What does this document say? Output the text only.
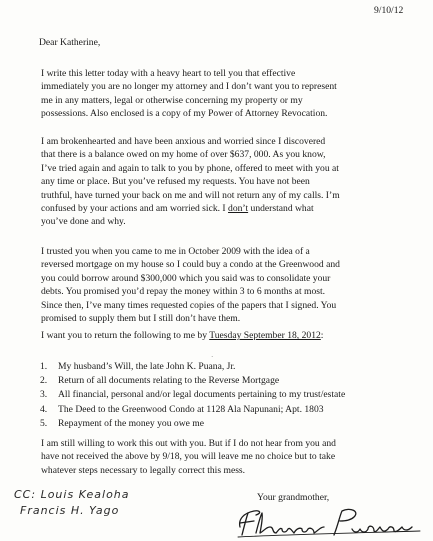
9/10/12
Dear Katherine,
I write this letter today with a heavy heart to tell you that effective
immediately you are no longer my attorney and I don’t want you to represent
me in any matters, legal or otherwise concerning my property or my
possessions. Also enclosed is a copy of my Power of Attorney Revocation.
I am brokenhearted and have been anxious and worried since I discovered
that there is a balance owed on my home of over $637, 000. As you know,
I’ve tried again and again to talk to you by phone, offered to meet with you at
any time or place. But you’ve refused my requests. You have not been
truthful, have turned your back on me and will not return any of my calls. I’m
confused by your actions and am worried sick. I don’t understand what
you’ve done and why.
I trusted you when you came to me in October 2009 with the idea of a
reversed mortgage on my house so I could buy a condo at the Greenwood and
you could borrow around $300,000 which you said was to consolidate your
debts. You promised you’d repay the money within 3 to 6 months at most.
Since then, I’ve many times requested copies of the papers that I signed. You
promised to supply them but I still don’t have them.
I want you to return the following to me by Tuesday September 18, 2012:
1. My husband’s Will, the late John K. Puana, Jr.
2. Return of all documents relating to the Reverse Mortgage
3. All financial, personal and/or legal documents pertaining to my trust/estate
4. The Deed to the Greenwood Condo at 1128 Ala Napunani; Apt. 1803
5. Repayment of the money you owe me
I am still willing to work this out with you. But if I do not hear from you and
have not received the above by 9/18, you will leave me no choice but to take
whatever steps necessary to legally correct this mess.
CC: Louis Kealoha
Francis H. Yago
Your grandmother,
·
